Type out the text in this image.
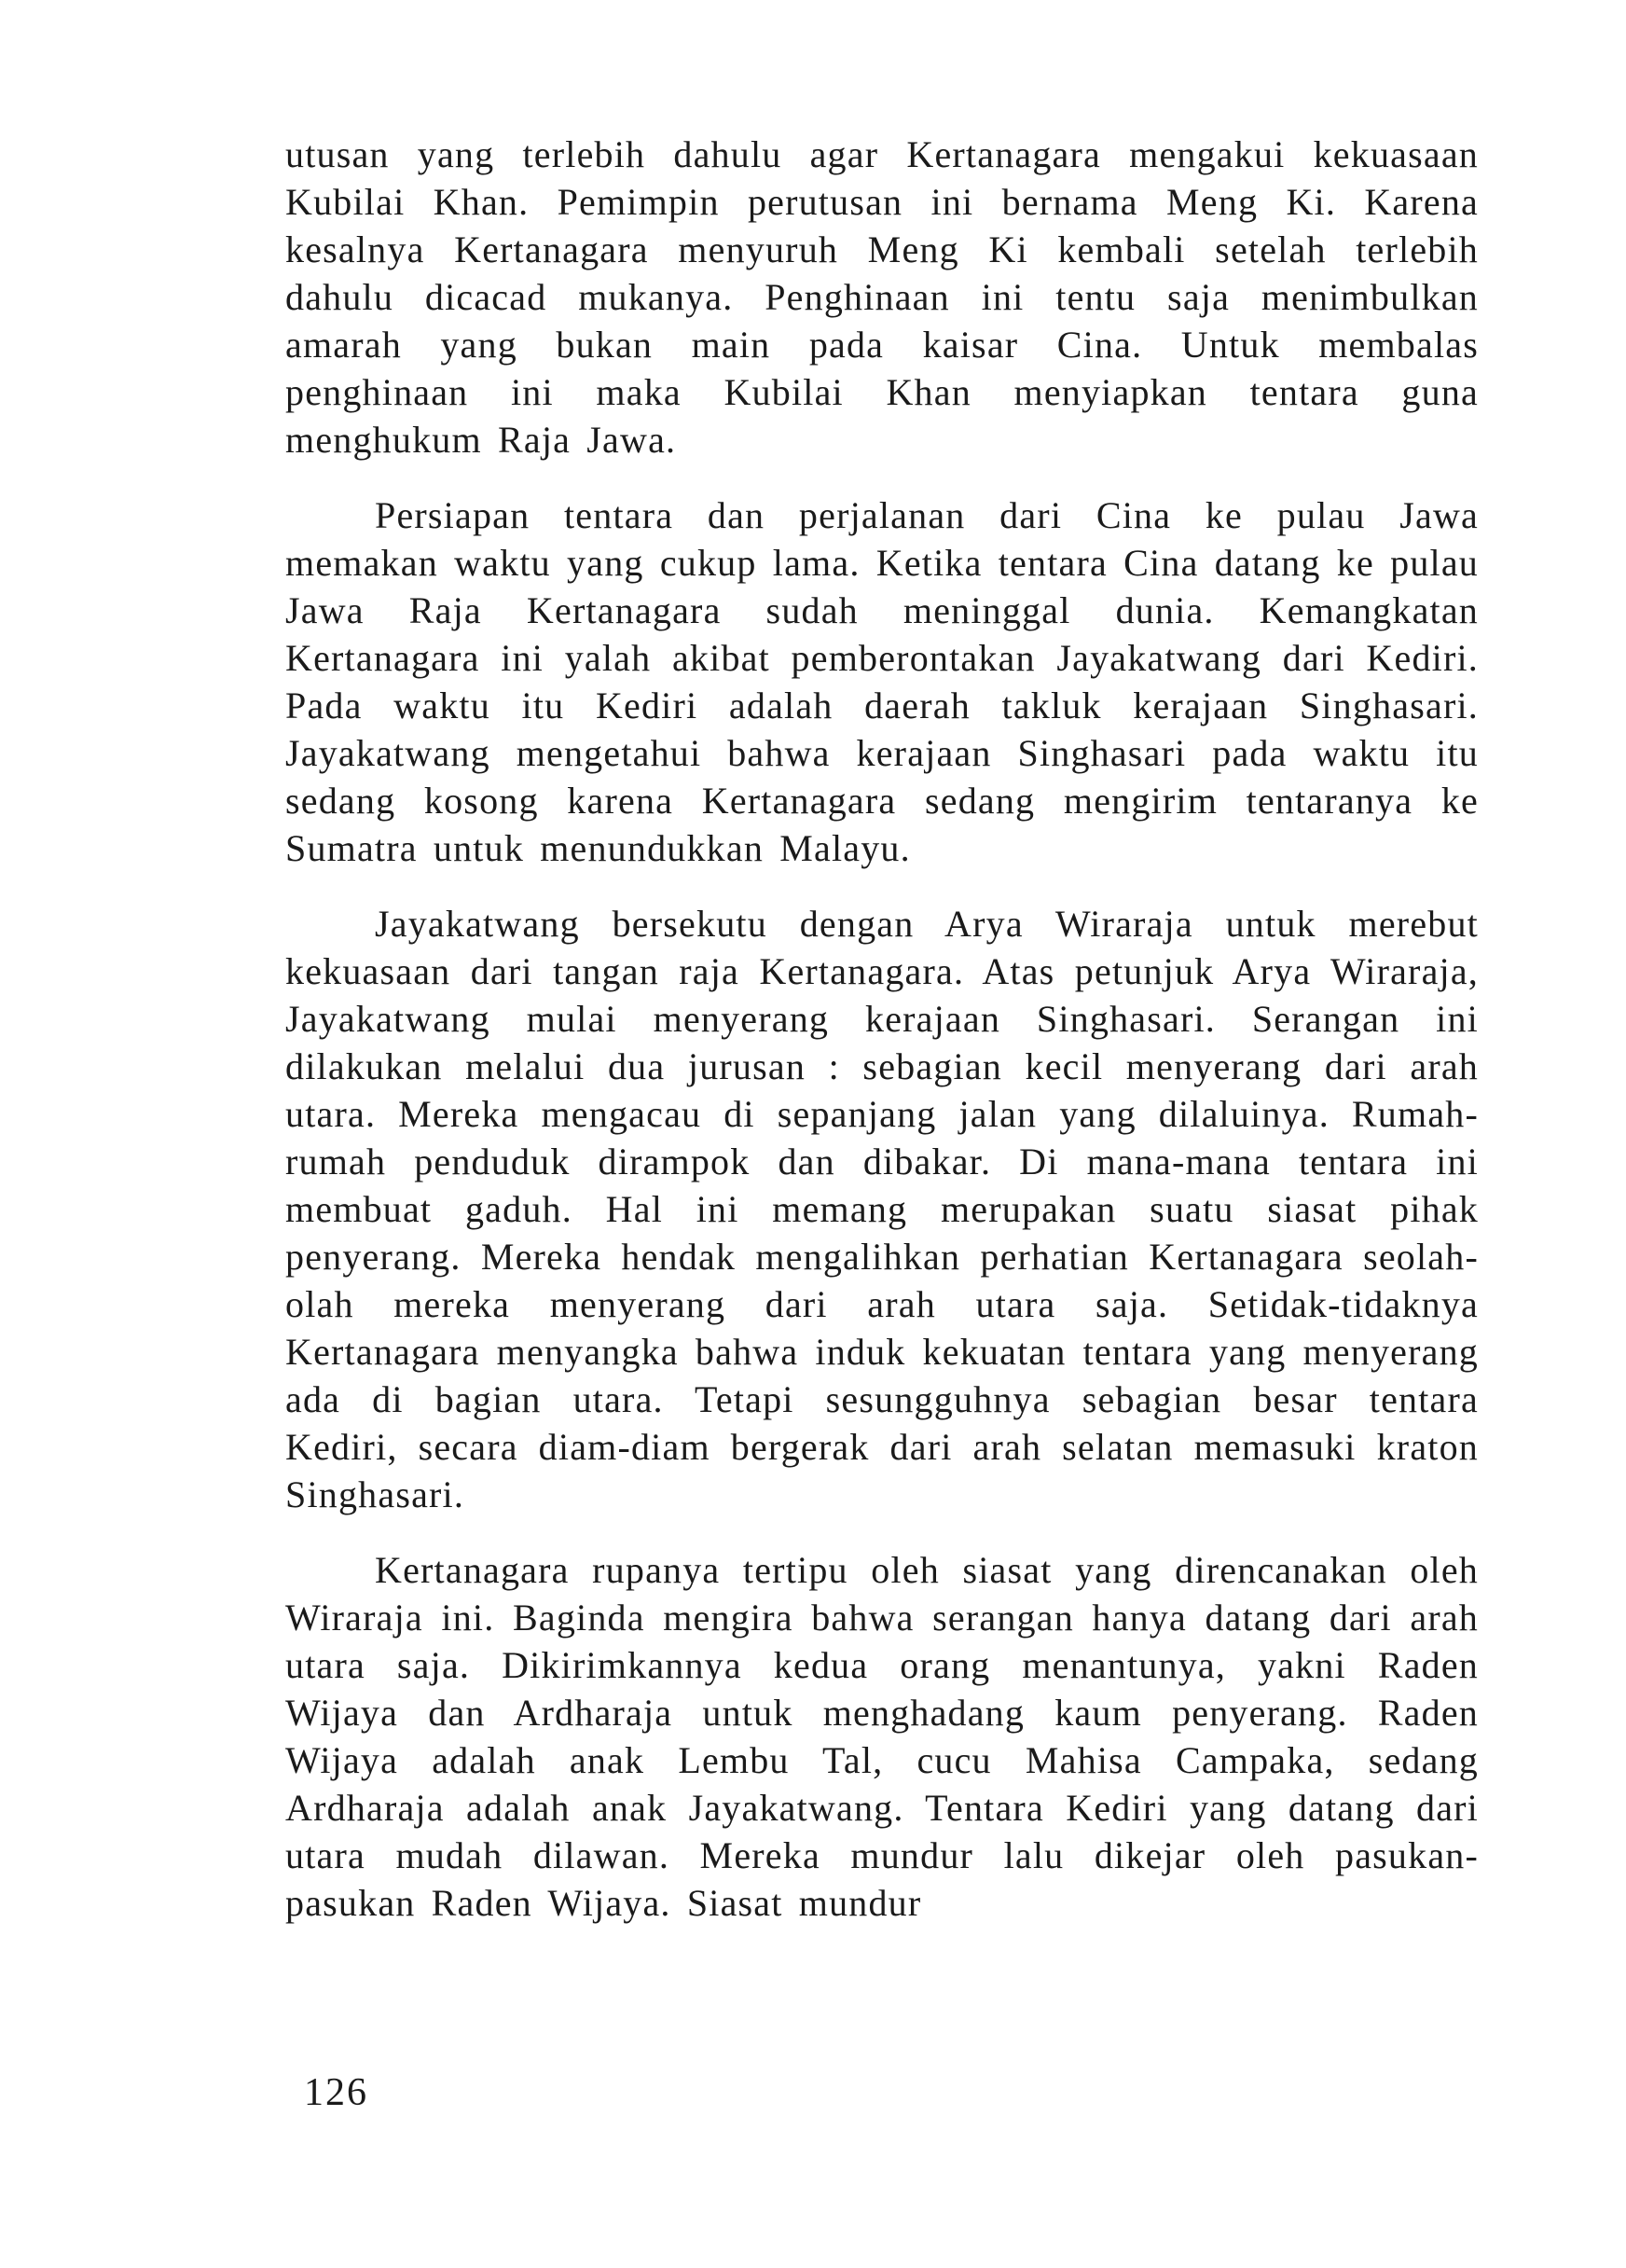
utusan yang terlebih dahulu agar Kertanagara mengakui kekuasaan Kubilai Khan. Pemimpin perutusan ini bernama Meng Ki. Karena kesalnya Kertanagara menyuruh Meng Ki kembali setelah terlebih dahulu dicacad mukanya. Penghinaan ini tentu saja menimbulkan amarah yang bukan main pada kaisar Cina. Untuk membalas penghinaan ini maka Kubilai Khan menyiapkan tentara guna menghukum Raja Jawa.

Persiapan tentara dan perjalanan dari Cina ke pulau Jawa memakan waktu yang cukup lama. Ketika tentara Cina datang ke pulau Jawa Raja Kertanagara sudah meninggal dunia. Kemangkatan Kertanagara ini yalah akibat pemberontakan Jayakatwang dari Kediri. Pada waktu itu Kediri adalah daerah takluk kerajaan Singhasari. Jayakatwang mengetahui bahwa kerajaan Singhasari pada waktu itu sedang kosong karena Kertanagara sedang mengirim tentaranya ke Sumatra untuk menundukkan Malayu.

Jayakatwang bersekutu dengan Arya Wiraraja untuk merebut kekuasaan dari tangan raja Kertanagara. Atas petunjuk Arya Wiraraja, Jayakatwang mulai menyerang kerajaan Singhasari. Serangan ini dilakukan melalui dua jurusan : sebagian kecil menyerang dari arah utara. Mereka mengacau di sepanjang jalan yang dilaluinya. Rumah-rumah penduduk dirampok dan dibakar. Di mana-mana tentara ini membuat gaduh. Hal ini memang merupakan suatu siasat pihak penyerang. Mereka hendak mengalihkan perhatian Kertanagara seolah-olah mereka menyerang dari arah utara saja. Setidak-tidaknya Kertanagara menyangka bahwa induk kekuatan tentara yang menyerang ada di bagian utara. Tetapi sesungguhnya sebagian besar tentara Kediri, secara diam-diam bergerak dari arah selatan memasuki kraton Singhasari.

Kertanagara rupanya tertipu oleh siasat yang direncanakan oleh Wiraraja ini. Baginda mengira bahwa serangan hanya datang dari arah utara saja. Dikirimkannya kedua orang menantunya, yakni Raden Wijaya dan Ardharaja untuk menghadang kaum penyerang. Raden Wijaya adalah anak Lembu Tal, cucu Mahisa Campaka, sedang Ardharaja adalah anak Jayakatwang. Tentara Kediri yang datang dari utara mudah dilawan. Mereka mundur lalu dikejar oleh pasukan-pasukan Raden Wijaya. Siasat mundur

126
